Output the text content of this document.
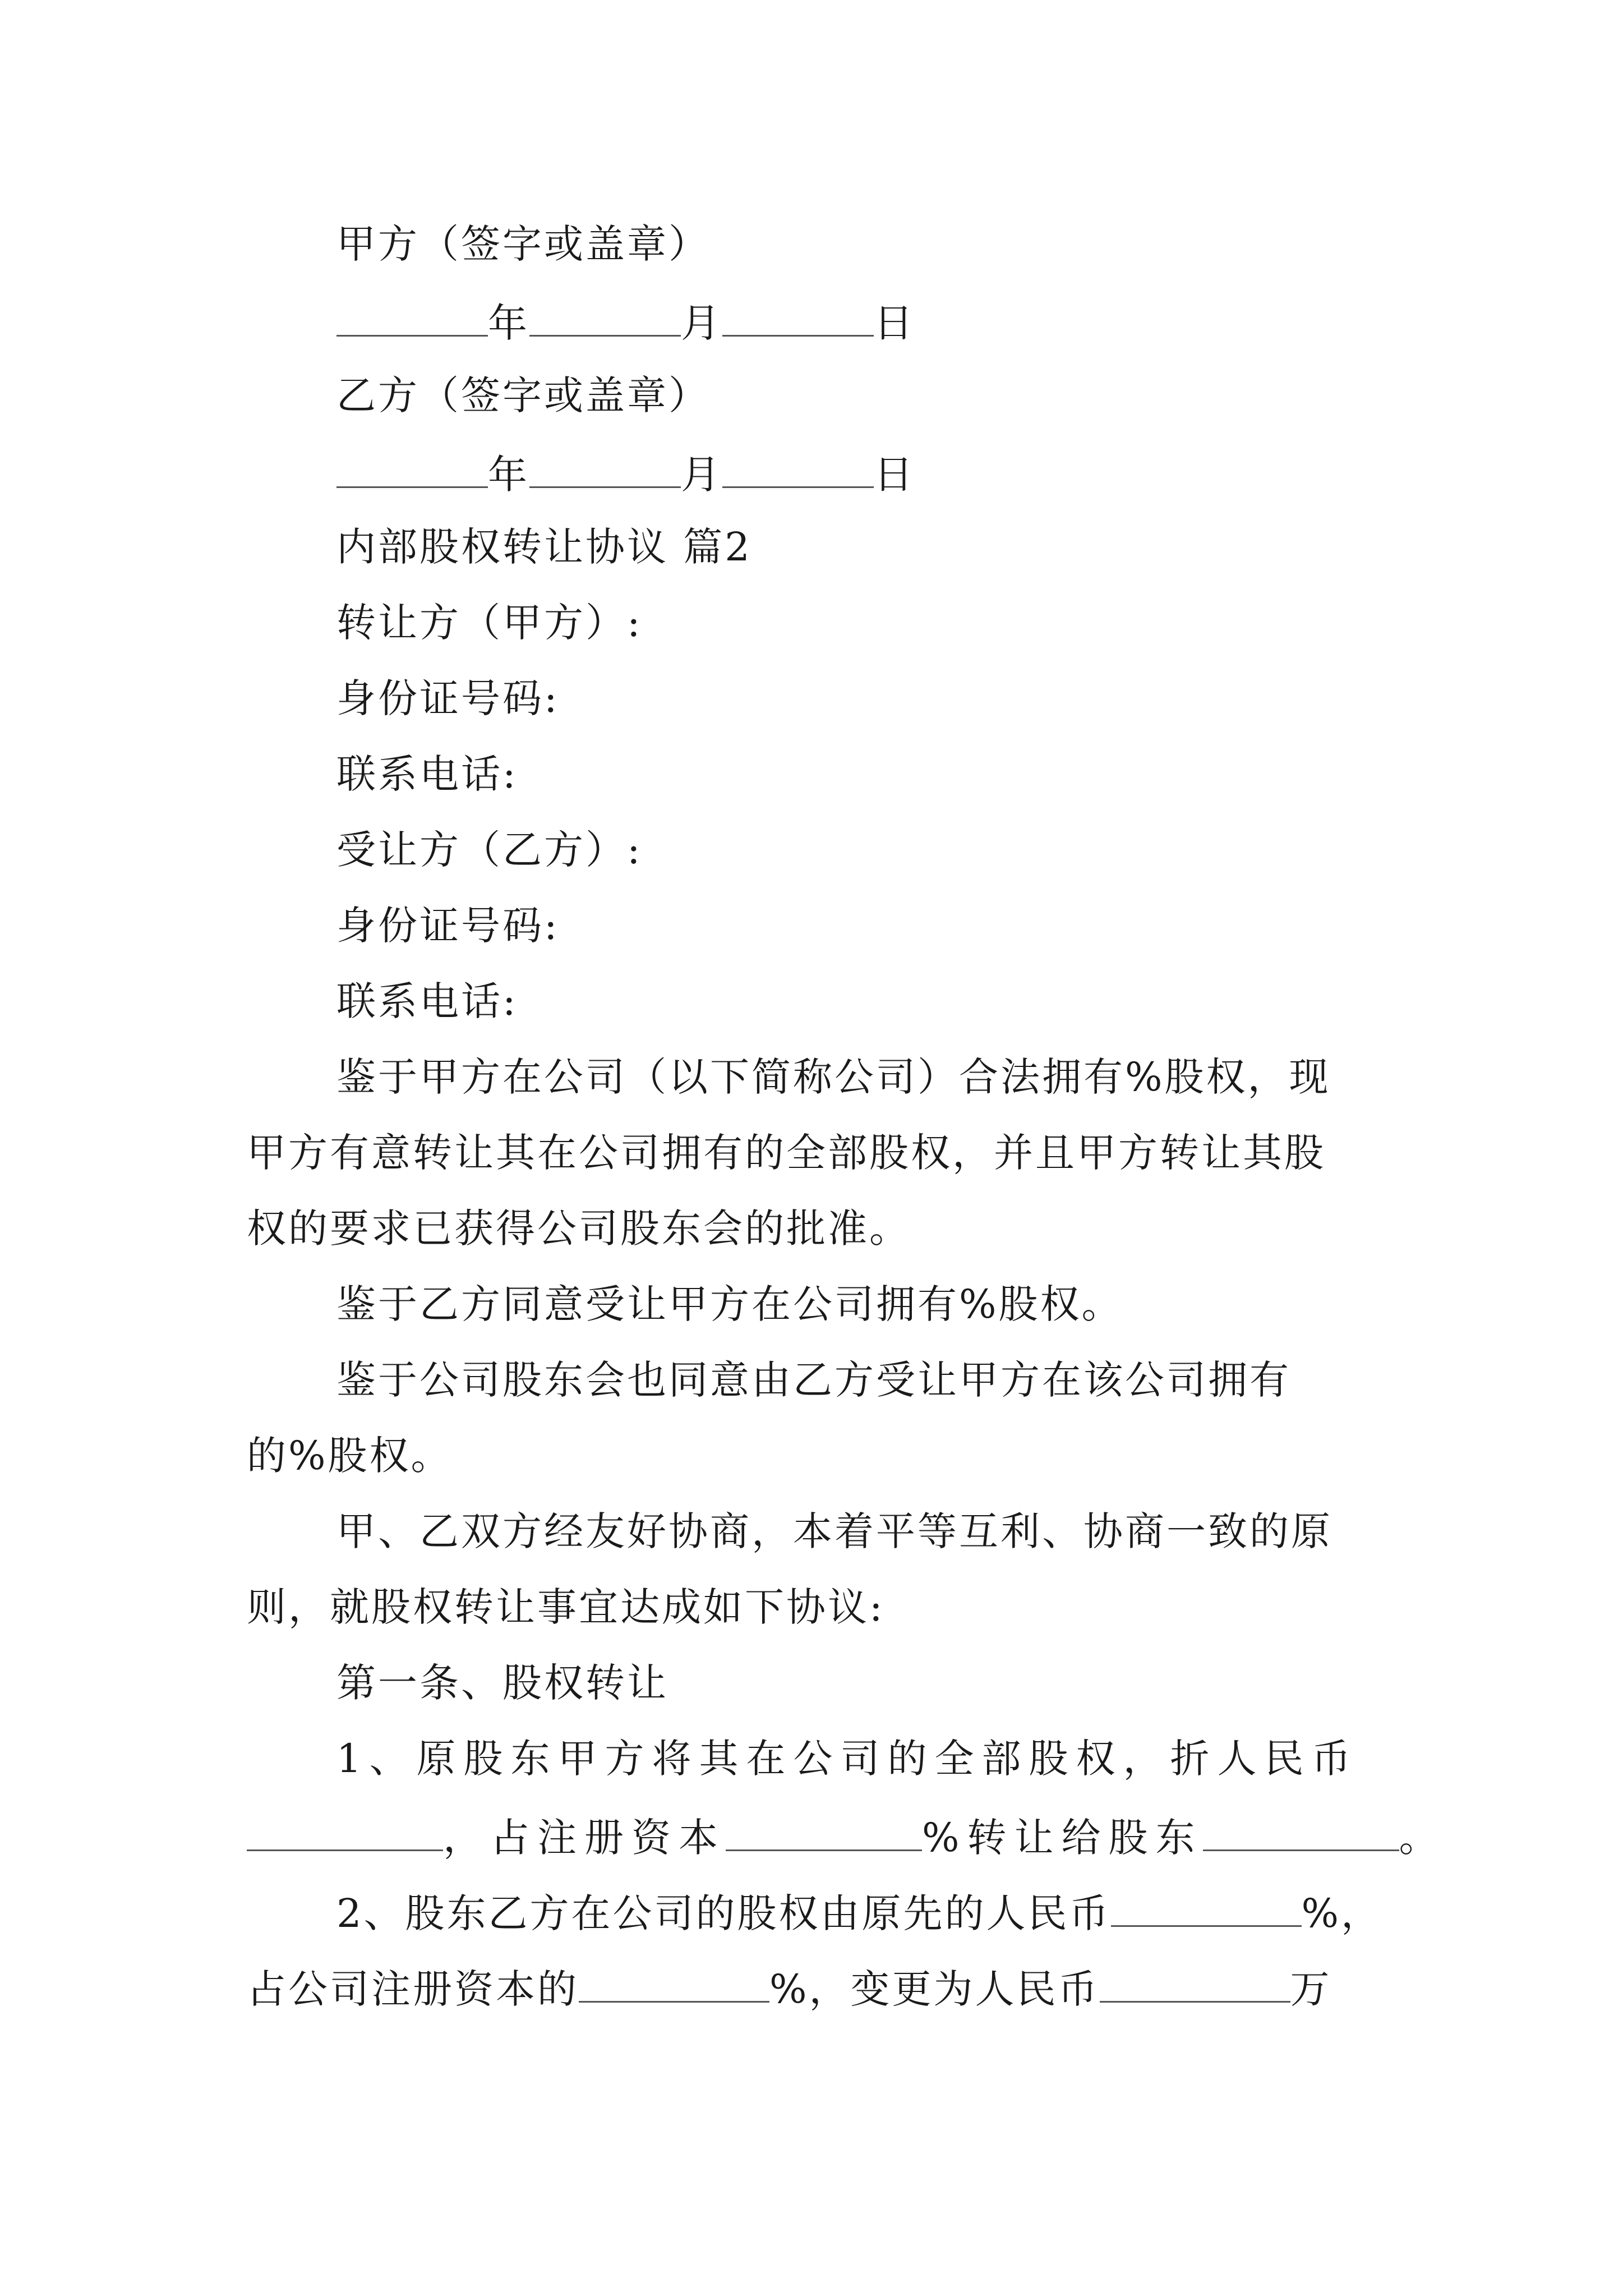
甲方（签字或盖章）
年	月	日
乙方（签字或盖章）
年	月	日
内部股权转让协议 篇2
转让方（甲方）:
身份证号码:
联系电话:
受让方（乙方）:
身份证号码:
联系电话:
鉴于甲方在公司（以下简称公司）合法拥有%股权，现
甲方有意转让其在公司拥有的全部股权，并且甲方转让其股
权的要求已获得公司股东会的批准。
鉴于乙方同意受让甲方在公司拥有%股权。
鉴于公司股东会也同意由乙方受让甲方在该公司拥有
的%股权。
甲、乙双方经友好协商，本着平等互利、协商一致的原
则，就股权转让事宜达成如下协议:
第一条、股权转让
1、原股东甲方将其在公司的全部股权，折人民币
，占注册资本	%转让给股东	。
2、股东乙方在公司的股权由原先的人民币	%，
占公司注册资本的	%，变更为人民币	万
